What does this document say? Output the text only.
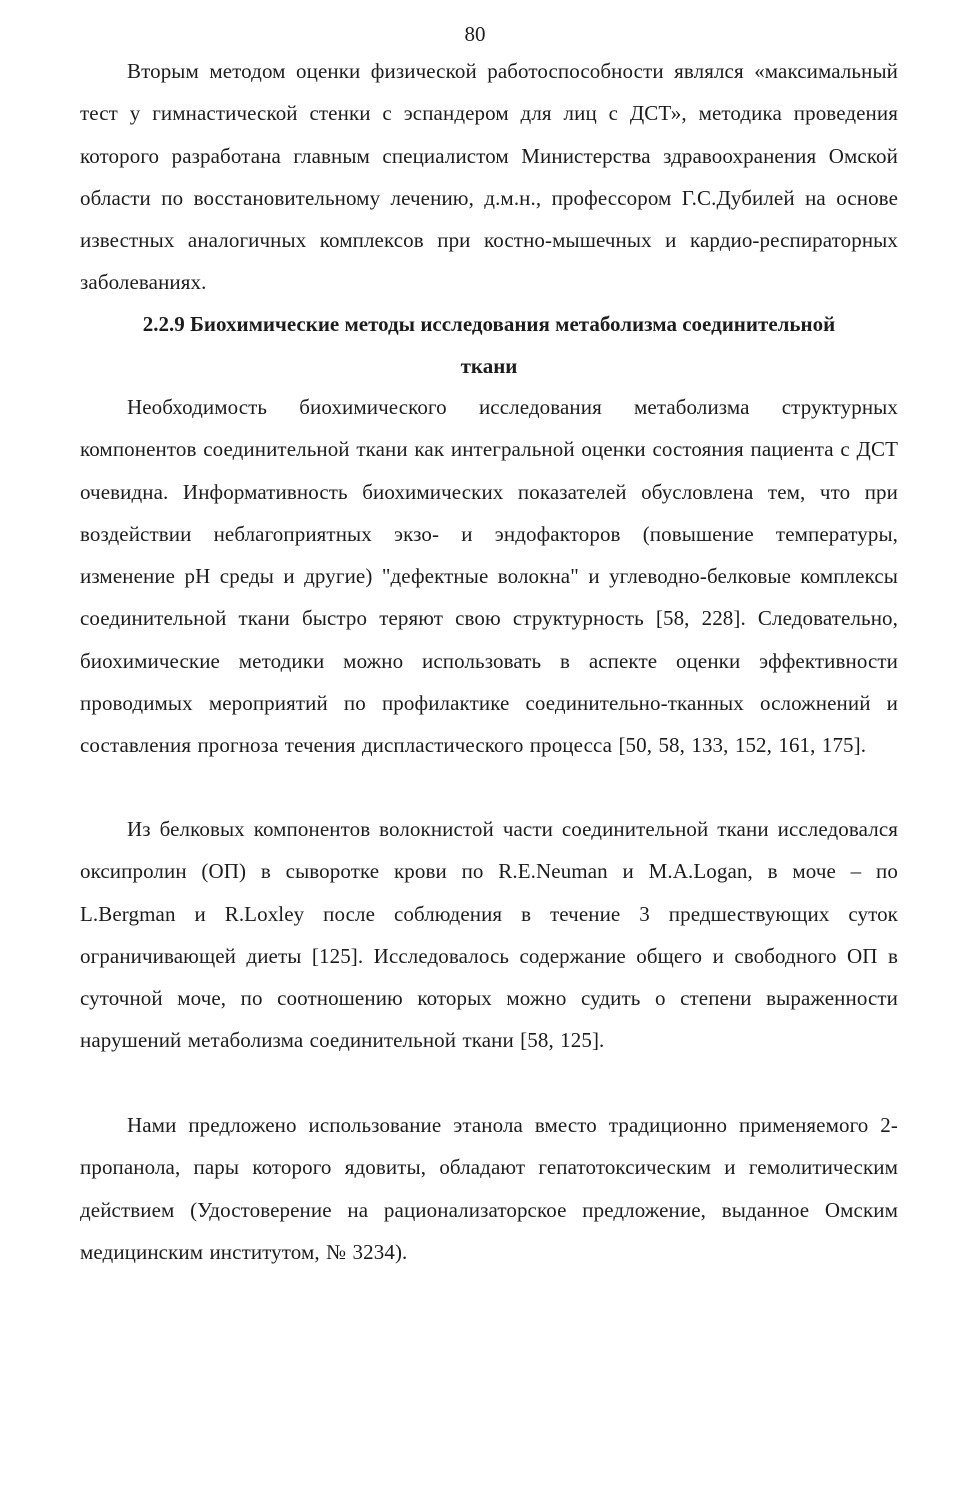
80

Вторым методом оценки физической работоспособности являлся «максимальный тест у гимнастической стенки с эспандером для лиц с ДСТ», методика проведения которого разработана главным специалистом Министерства здравоохранения Омской области по восстановительному лечению, д.м.н., профессором Г.С.Дубилей на основе известных аналогичных комплексов при костно-мышечных и кардио-респираторных заболеваниях.

2.2.9 Биохимические методы исследования метаболизма соединительной
ткани

Необходимость биохимического исследования метаболизма структурных компонентов соединительной ткани как интегральной оценки состояния пациента с ДСТ очевидна. Информативность биохимических показателей обусловлена тем, что при воздействии неблагоприятных экзо- и эндофакторов (повышение температуры, изменение pH среды и другие) "дефектные волокна" и углеводно-белковые комплексы соединительной ткани быстро теряют свою структурность [58, 228]. Следовательно, биохимические методики можно использовать в аспекте оценки эффективности проводимых мероприятий по профилактике соединительно-тканных осложнений и составления прогноза течения диспластического процесса [50, 58, 133, 152, 161, 175].

Из белковых компонентов волокнистой части соединительной ткани исследовался оксипролин (ОП) в сыворотке крови по R.E.Neuman и M.A.Logan, в моче – по L.Bergman и R.Loxley после соблюдения в течение 3 предшествующих суток ограничивающей диеты [125]. Исследовалось содержание общего и свободного ОП в суточной моче, по соотношению которых можно судить о степени выраженности нарушений метаболизма соединительной ткани [58, 125].

Нами предложено использование этанола вместо традиционно применяемого 2-пропанола, пары которого ядовиты, обладают гепатотоксическим и гемолитическим действием (Удостоверение на рационализаторское предложение, выданное Омским медицинским институтом, № 3234).
